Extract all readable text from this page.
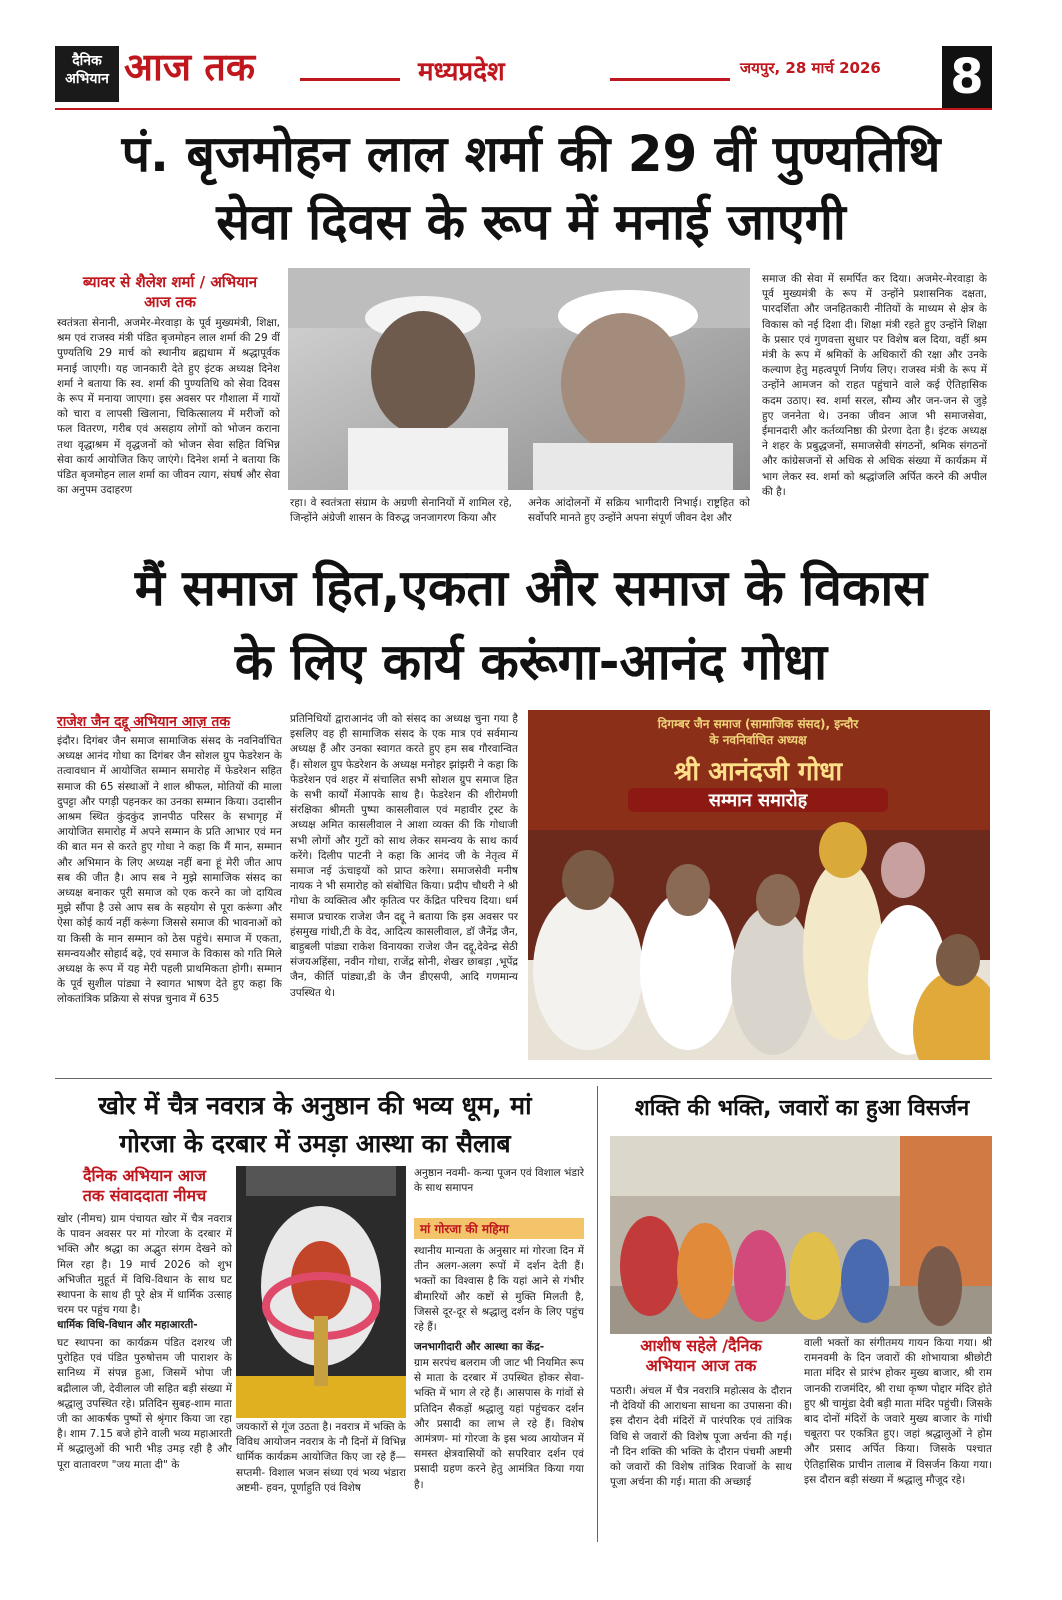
दैनिक
अभियान आज तक	मध्यप्रदेश	जयपुर, 28 मार्च 2026 8
पं. बृजमोहन लाल शर्मा की 29 वीं पुण्यतिथि
सेवा दिवस के रूप में मनाई जाएगी
ब्यावर से शैलेश शर्मा / अभियान
आज तक
स्वतंत्रता सेनानी, अजमेर-मेरवाड़ा के पूर्व मुख्यमंत्री, शिक्षा, श्रम एवं राजस्व मंत्री पंडित बृजमोहन लाल शर्मा की 29 वीं पुण्यतिथि 29 मार्च को स्थानीय ब्रह्मधाम में श्रद्धापूर्वक मनाई जाएगी। यह जानकारी देते हुए इंटक अध्यक्ष दिनेश शर्मा ने बताया कि स्व. शर्मा की पुण्यतिथि को सेवा दिवस के रूप में मनाया जाएगा। इस अवसर पर गौशाला में गायों को चारा व लापसी खिलाना, चिकित्सालय में मरीजों को फल वितरण, गरीब एवं असहाय लोगों को भोजन कराना तथा वृद्धाश्रम में वृद्धजनों को भोजन सेवा सहित विभिन्न सेवा कार्य आयोजित किए जाएंगे। दिनेश शर्मा ने बताया कि पंडित बृजमोहन लाल शर्मा का जीवन त्याग, संघर्ष और सेवा का अनुपम उदाहरण
रहा। वे स्वतंत्रता संग्राम के अग्रणी सेनानियों में शामिल रहे, जिन्होंने अंग्रेजी शासन के विरुद्ध जनजागरण किया और
अनेक आंदोलनों में सक्रिय भागीदारी निभाई। राष्ट्रहित को सर्वोपरि मानते हुए उन्होंने अपना संपूर्ण जीवन देश और
समाज की सेवा में समर्पित कर दिया। अजमेर-मेरवाड़ा के पूर्व मुख्यमंत्री के रूप में उन्होंने प्रशासनिक दक्षता, पारदर्शिता और जनहितकारी नीतियों के माध्यम से क्षेत्र के विकास को नई दिशा दी। शिक्षा मंत्री रहते हुए उन्होंने शिक्षा के प्रसार एवं गुणवत्ता सुधार पर विशेष बल दिया, वहीं श्रम मंत्री के रूप में श्रमिकों के अधिकारों की रक्षा और उनके कल्याण हेतु महत्वपूर्ण निर्णय लिए। राजस्व मंत्री के रूप में उन्होंने आमजन को राहत पहुंचाने वाले कई ऐतिहासिक कदम उठाए। स्व. शर्मा सरल, सौम्य और जन-जन से जुड़े हुए जननेता थे। उनका जीवन आज भी समाजसेवा, ईमानदारी और कर्तव्यनिष्ठा की प्रेरणा देता है। इंटक अध्यक्ष ने शहर के प्रबुद्धजनों, समाजसेवी संगठनों, श्रमिक संगठनों और कांग्रेसजनों से अधिक से अधिक संख्या में कार्यक्रम में भाग लेकर स्व. शर्मा को श्रद्धांजलि अर्पित करने की अपील की है।
मैं समाज हित,एकता और समाज के विकास
के लिए कार्य करूंगा-आनंद गोधा
राजेश जैन दद्दू अभियान आज़ तक
इंदौर। दिगंबर जैन समाज सामाजिक संसद के नवनिर्वाचित अध्यक्ष आनंद गोधा का दिगंबर जैन सोशल ग्रुप फेडरेशन के तत्वावधान में आयोजित सम्मान समारोह में फेडरेशन सहित समाज की 65 संस्थाओं ने शाल श्रीफल, मोतियों की माला दुपट्टा और पगड़ी पहनकर का उनका सम्मान किया। उदासीन आश्रम स्थित कुंदकुंद ज्ञानपीठ परिसर के सभागृह में आयोजित समारोह में अपने सम्मान के प्रति आभार एवं मन की बात मन से करते हुए गोधा ने कहा कि मैं मान, सम्मान और अभिमान के लिए अध्यक्ष नहीं बना हूं मेरी जीत आप सब की जीत है। आप सब ने मुझे सामाजिक संसद का अध्यक्ष बनाकर पूरी समाज को एक करने का जो दायित्व मुझे सौंपा है उसे आप सब के सहयोग से पूरा करूंगा और ऐसा कोई कार्य नहीं करूंगा जिससे समाज की भावनाओं को या किसी के मान सम्मान को ठेस पहुंचे। समाज में एकता, समन्वयऔर सोहार्द बढ़े, एवं समाज के विकास को गति मिले अध्यक्ष के रूप में यह मेरी पहली प्राथमिकता होगी। सम्मान के पूर्व सुशील पांड्या ने स्वागत भाषण देते हुए कहा कि लोकतांत्रिक प्रक्रिया से संपन्न चुनाव में 635
प्रतिनिधियों द्वाराआनंद जी को संसद का अध्यक्ष चुना गया है इसलिए वह ही सामाजिक संसद के एक मात्र एवं सर्वमान्य अध्यक्ष हैं और उनका स्वागत करते हुए हम सब गौरवान्वित हैं। सोशल ग्रुप फेडरेशन के अध्यक्ष मनोहर झांझरी ने कहा कि फेडरेशन एवं शहर में संचालित सभी सोशल ग्रुप समाज हित के सभी कार्यों मेंआपके साथ है। फेडरेशन की शीरोमणी संरक्षिका श्रीमती पुष्पा कासलीवाल एवं महावीर ट्रस्ट के अध्यक्ष अमित कासलीवाल ने आशा व्यक्त की कि गोधाजी सभी लोगों और गुटों को साथ लेकर समन्वय के साथ कार्य करेंगे। दिलीप पाटनी ने कहा कि आनंद जी के नेतृत्व में समाज नई ऊंचाइयों को प्राप्त करेगा। समाजसेवी मनीष नायक ने भी समारोह को संबोधित किया। प्रदीप चौधरी ने श्री गोधा के व्यक्तित्व और कृतित्व पर केंद्रित परिचय दिया। धर्म समाज प्रचारक राजेश जैन दद्दू ने बताया कि इस अवसर पर हंसमुख गांधी,टी के वेद, आदित्य कासलीवाल, डॉ जैनेंद्र जैन, बाहुबली पांड्या राकेश विनायका राजेश जैन दद्दू,देवेन्द्र सेठी संजयअहिंसा, नवीन गोधा, राजेंद्र सोनी, शेखर छाबड़ा ,भूपेंद्र जैन, कीर्ति पांड्या,डी के जैन डीएसपी, आदि गणमान्य उपस्थित थे।
दिगम्बर जैन समाज (सामाजिक संसद), इन्दौर
के नवनिर्वाचित अध्यक्ष
श्री आनंदजी गोधा
सम्मान समारोह
खोर में चैत्र नवरात्र के अनुष्ठान की भव्य धूम, मां
गोरजा के दरबार में उमड़ा आस्था का सैलाब
दैनिक अभियान आज
तक संवाददाता नीमच
खोर (नीमच) ग्राम पंचायत खोर में चैत्र नवरात्र के पावन अवसर पर मां गोरजा के दरबार में भक्ति और श्रद्धा का अद्भुत संगम देखने को मिल रहा है। 19 मार्च 2026 को शुभ अभिजीत मुहूर्त में विधि-विधान के साथ घट स्थापना के साथ ही पूरे क्षेत्र में धार्मिक उत्साह चरम पर पहुंच गया है।
धार्मिक विधि-विधान और महाआरती-
घट स्थापना का कार्यक्रम पंडित दशरथ जी पुरोहित एवं पंडित पुरुषोत्तम जी पाराशर के सानिध्य में संपन्न हुआ, जिसमें भोपा जी बद्रीलाल जी, देवीलाल जी सहित बड़ी संख्या में श्रद्धालु उपस्थित रहे। प्रतिदिन सुबह-शाम माता जी का आकर्षक पुष्पों से श्रृंगार किया जा रहा है। शाम 7.15 बजे होने वाली भव्य महाआरती में श्रद्धालुओं की भारी भीड़ उमड़ रही है और पूरा वातावरण "जय माता दी" के
जयकारों से गूंज उठता है। नवरात्र में भक्ति के विविध आयोजन नवरात्र के नौ दिनों में विभिन्न धार्मिक कार्यक्रम आयोजित किए जा रहे हैं— सप्तमी- विशाल भजन संध्या एवं भव्य भंडारा अष्टमी- हवन, पूर्णाहुति एवं विशेष
अनुष्ठान नवमी- कन्या पूजन एवं विशाल भंडारे के साथ समापन
मां गोरजा की महिमा
स्थानीय मान्यता के अनुसार मां गोरजा दिन में तीन अलग-अलग रूपों में दर्शन देती हैं। भक्तों का विश्वास है कि यहां आने से गंभीर बीमारियों और कष्टों से मुक्ति मिलती है, जिससे दूर-दूर से श्रद्धालु दर्शन के लिए पहुंच रहे हैं।
जनभागीदारी और आस्था का केंद्र-
ग्राम सरपंच बलराम जी जाट भी नियमित रूप से माता के दरबार में उपस्थित होकर सेवा-भक्ति में भाग ले रहे हैं। आसपास के गांवों से प्रतिदिन सैकड़ों श्रद्धालु यहां पहुंचकर दर्शन और प्रसादी का लाभ ले रहे हैं। विशेष आमंत्रण- मां गोरजा के इस भव्य आयोजन में समस्त क्षेत्रवासियों को सपरिवार दर्शन एवं प्रसादी ग्रहण करने हेतु आमंत्रित किया गया है।
शक्ति की भक्ति, जवारों का हुआ विसर्जन
आशीष सहेले /दैनिक
अभियान आज तक
पठारी। अंचल में चैत्र नवरात्रि महोत्सव के दौरान नौ देवियों की आराधना साधना का उपासना की। इस दौरान देवी मंदिरों में पारंपरिक एवं तांत्रिक विधि से जवारों की विशेष पूजा अर्चना की गई। नौ दिन शक्ति की भक्ति के दौरान पंचमी अष्टमी को जवारों की विशेष तांत्रिक रिवाजों के साथ पूजा अर्चना की गई। माता की अच्छाई
वाली भक्तों का संगीतमय गायन किया गया। श्री रामनवमी के दिन जवारों की शोभायात्रा श्रीछोटी माता मंदिर से प्रारंभ होकर मुख्य बाजार, श्री राम जानकी राजमंदिर, श्री राधा कृष्ण पोद्दार मंदिर होते हुए श्री चामुंडा देवी बड़ी माता मंदिर पहुंची। जिसके बाद दोनों मंदिरों के जवारे मुख्य बाजार के गांधी चबूतरा पर एकत्रित हुए। जहां श्रद्धालुओं ने होम और प्रसाद अर्पित किया। जिसके पश्चात ऐतिहासिक प्राचीन तालाब में विसर्जन किया गया। इस दौरान बड़ी संख्या में श्रद्धालु मौजूद रहे।
